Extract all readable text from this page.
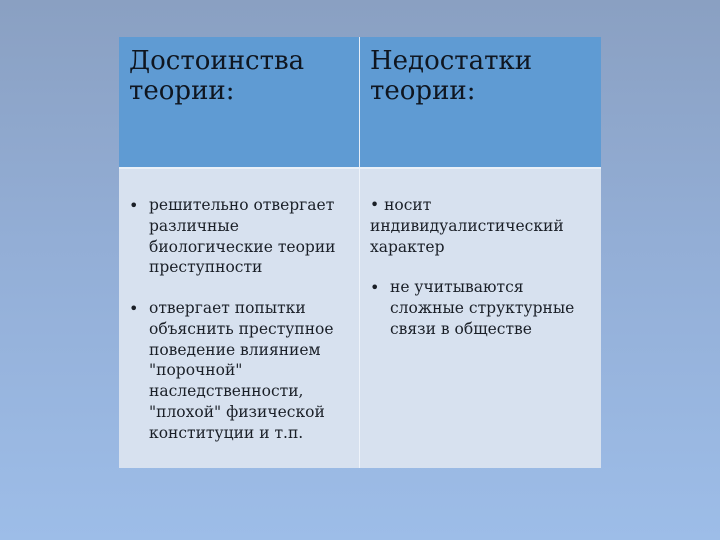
Достоинства теории:
Недостатки теории:
• решительно отвергает различные биологические теории преступности
• отвергает попытки объяснить преступное поведение влиянием "порочной" наследственности, "плохой" физической конституции и т.п.
• носит индивидуалистический характер
• не учитываются сложные структурные связи в обществе
